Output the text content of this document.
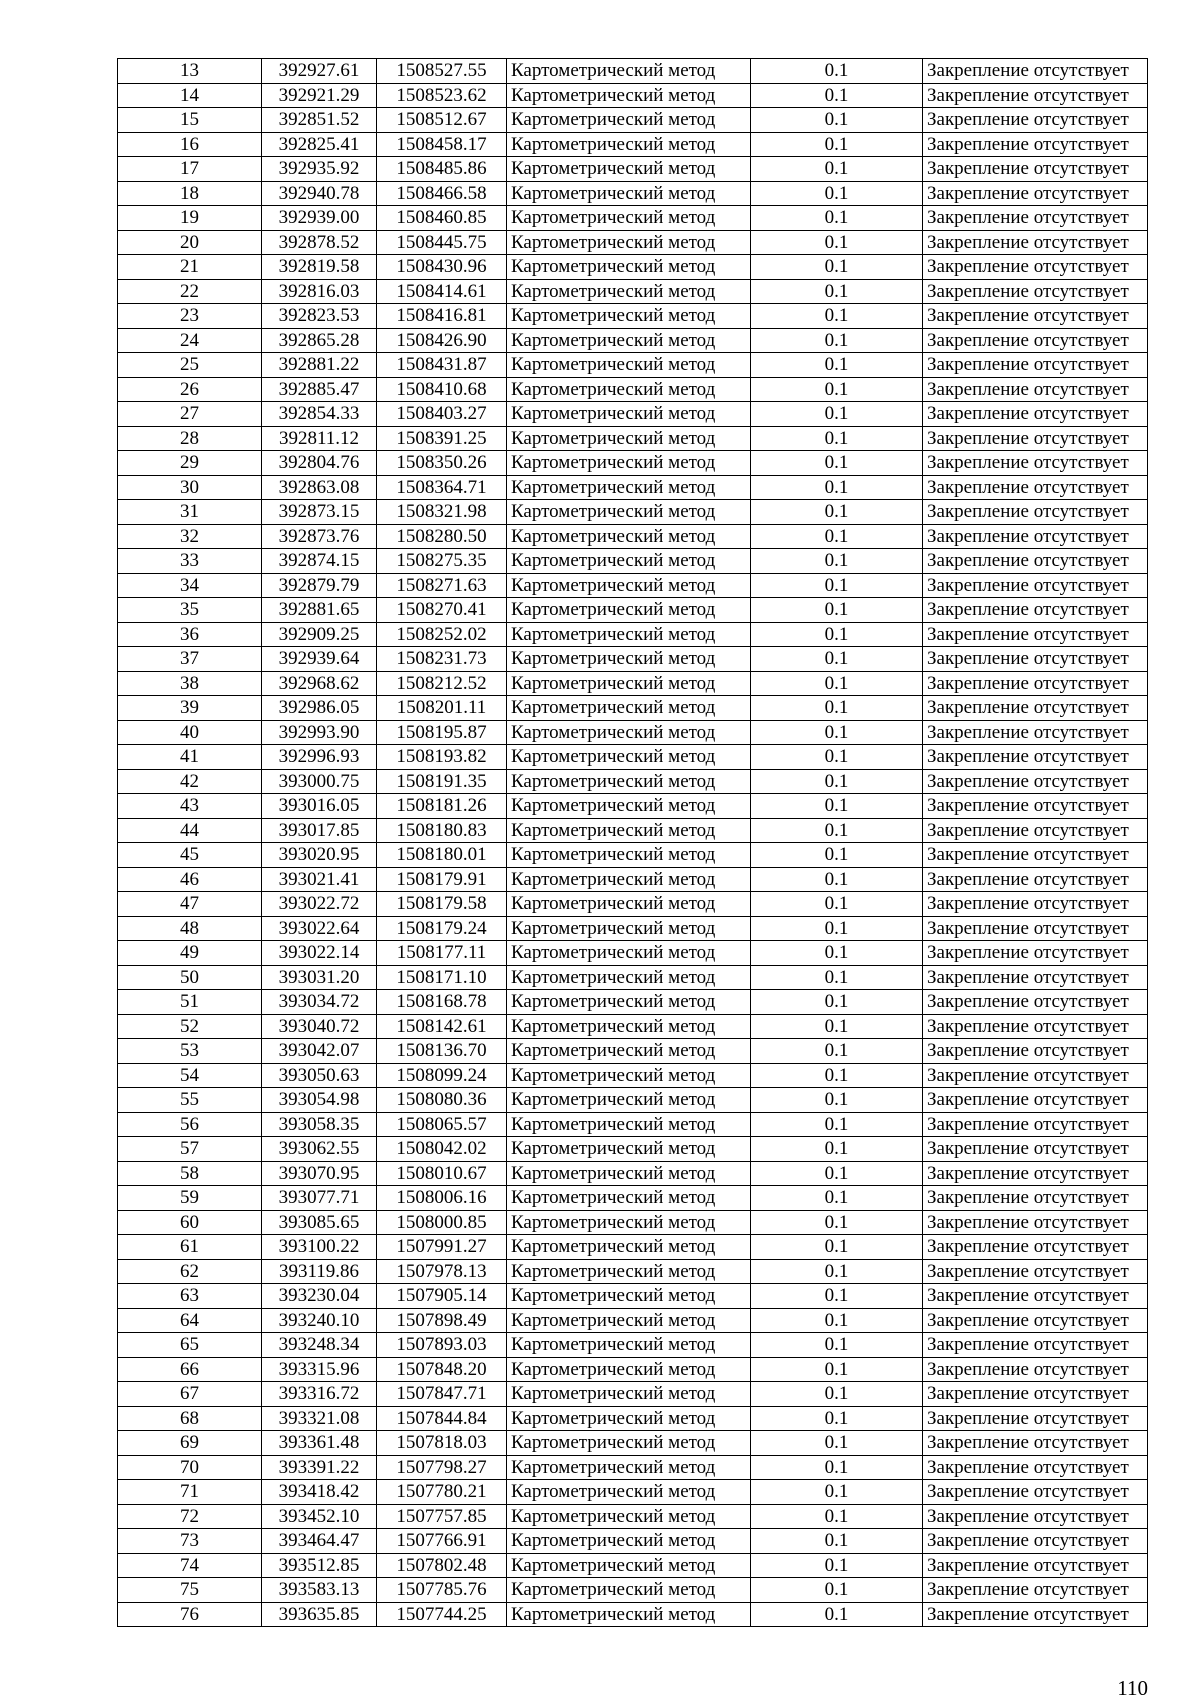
13	392927.61	1508527.55	Картометрический метод	0.1	Закрепление отсутствует
14	392921.29	1508523.62	Картометрический метод	0.1	Закрепление отсутствует
15	392851.52	1508512.67	Картометрический метод	0.1	Закрепление отсутствует
16	392825.41	1508458.17	Картометрический метод	0.1	Закрепление отсутствует
17	392935.92	1508485.86	Картометрический метод	0.1	Закрепление отсутствует
18	392940.78	1508466.58	Картометрический метод	0.1	Закрепление отсутствует
19	392939.00	1508460.85	Картометрический метод	0.1	Закрепление отсутствует
20	392878.52	1508445.75	Картометрический метод	0.1	Закрепление отсутствует
21	392819.58	1508430.96	Картометрический метод	0.1	Закрепление отсутствует
22	392816.03	1508414.61	Картометрический метод	0.1	Закрепление отсутствует
23	392823.53	1508416.81	Картометрический метод	0.1	Закрепление отсутствует
24	392865.28	1508426.90	Картометрический метод	0.1	Закрепление отсутствует
25	392881.22	1508431.87	Картометрический метод	0.1	Закрепление отсутствует
26	392885.47	1508410.68	Картометрический метод	0.1	Закрепление отсутствует
27	392854.33	1508403.27	Картометрический метод	0.1	Закрепление отсутствует
28	392811.12	1508391.25	Картометрический метод	0.1	Закрепление отсутствует
29	392804.76	1508350.26	Картометрический метод	0.1	Закрепление отсутствует
30	392863.08	1508364.71	Картометрический метод	0.1	Закрепление отсутствует
31	392873.15	1508321.98	Картометрический метод	0.1	Закрепление отсутствует
32	392873.76	1508280.50	Картометрический метод	0.1	Закрепление отсутствует
33	392874.15	1508275.35	Картометрический метод	0.1	Закрепление отсутствует
34	392879.79	1508271.63	Картометрический метод	0.1	Закрепление отсутствует
35	392881.65	1508270.41	Картометрический метод	0.1	Закрепление отсутствует
36	392909.25	1508252.02	Картометрический метод	0.1	Закрепление отсутствует
37	392939.64	1508231.73	Картометрический метод	0.1	Закрепление отсутствует
38	392968.62	1508212.52	Картометрический метод	0.1	Закрепление отсутствует
39	392986.05	1508201.11	Картометрический метод	0.1	Закрепление отсутствует
40	392993.90	1508195.87	Картометрический метод	0.1	Закрепление отсутствует
41	392996.93	1508193.82	Картометрический метод	0.1	Закрепление отсутствует
42	393000.75	1508191.35	Картометрический метод	0.1	Закрепление отсутствует
43	393016.05	1508181.26	Картометрический метод	0.1	Закрепление отсутствует
44	393017.85	1508180.83	Картометрический метод	0.1	Закрепление отсутствует
45	393020.95	1508180.01	Картометрический метод	0.1	Закрепление отсутствует
46	393021.41	1508179.91	Картометрический метод	0.1	Закрепление отсутствует
47	393022.72	1508179.58	Картометрический метод	0.1	Закрепление отсутствует
48	393022.64	1508179.24	Картометрический метод	0.1	Закрепление отсутствует
49	393022.14	1508177.11	Картометрический метод	0.1	Закрепление отсутствует
50	393031.20	1508171.10	Картометрический метод	0.1	Закрепление отсутствует
51	393034.72	1508168.78	Картометрический метод	0.1	Закрепление отсутствует
52	393040.72	1508142.61	Картометрический метод	0.1	Закрепление отсутствует
53	393042.07	1508136.70	Картометрический метод	0.1	Закрепление отсутствует
54	393050.63	1508099.24	Картометрический метод	0.1	Закрепление отсутствует
55	393054.98	1508080.36	Картометрический метод	0.1	Закрепление отсутствует
56	393058.35	1508065.57	Картометрический метод	0.1	Закрепление отсутствует
57	393062.55	1508042.02	Картометрический метод	0.1	Закрепление отсутствует
58	393070.95	1508010.67	Картометрический метод	0.1	Закрепление отсутствует
59	393077.71	1508006.16	Картометрический метод	0.1	Закрепление отсутствует
60	393085.65	1508000.85	Картометрический метод	0.1	Закрепление отсутствует
61	393100.22	1507991.27	Картометрический метод	0.1	Закрепление отсутствует
62	393119.86	1507978.13	Картометрический метод	0.1	Закрепление отсутствует
63	393230.04	1507905.14	Картометрический метод	0.1	Закрепление отсутствует
64	393240.10	1507898.49	Картометрический метод	0.1	Закрепление отсутствует
65	393248.34	1507893.03	Картометрический метод	0.1	Закрепление отсутствует
66	393315.96	1507848.20	Картометрический метод	0.1	Закрепление отсутствует
67	393316.72	1507847.71	Картометрический метод	0.1	Закрепление отсутствует
68	393321.08	1507844.84	Картометрический метод	0.1	Закрепление отсутствует
69	393361.48	1507818.03	Картометрический метод	0.1	Закрепление отсутствует
70	393391.22	1507798.27	Картометрический метод	0.1	Закрепление отсутствует
71	393418.42	1507780.21	Картометрический метод	0.1	Закрепление отсутствует
72	393452.10	1507757.85	Картометрический метод	0.1	Закрепление отсутствует
73	393464.47	1507766.91	Картометрический метод	0.1	Закрепление отсутствует
74	393512.85	1507802.48	Картометрический метод	0.1	Закрепление отсутствует
75	393583.13	1507785.76	Картометрический метод	0.1	Закрепление отсутствует
76	393635.85	1507744.25	Картометрический метод	0.1	Закрепление отсутствует
110
